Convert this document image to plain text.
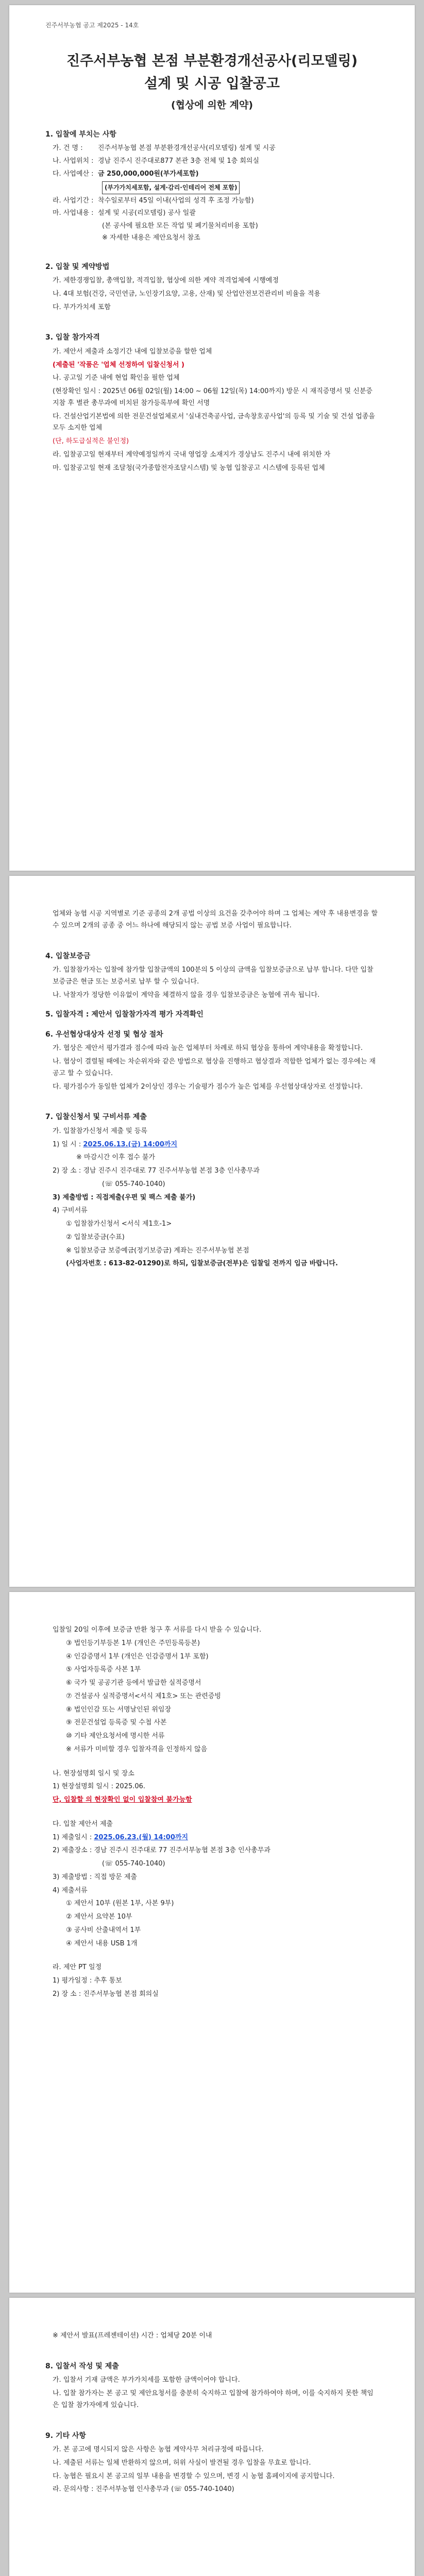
진주서부농협 공고 제2025 - 14호
진주서부농협 본점 부분환경개선공사(리모델링)
설계 및 시공 입찰공고
(협상에 의한 계약)
1. 입찰에 부치는 사항
가. 건 명 :	진주서부농협 본점 부분환경개선공사(리모델링) 설계 및 시공
나. 사업위치 : 경남 진주시 진주대로877 본관 3층 전체 및 1층 회의실
다. 사업예산 : 금 250,000,000원(부가세포함)
(부가가치세포함, 설계·감리·인테리어 전체 포함)
라. 사업기간 : 착수일로부터 45일 이내(사업의 성격 후 조정 가능함)
마. 사업내용 : 설계 및 시공(리모델링) 공사 일괄
(본 공사에 필요한 모든 작업 및 폐기물처리비용 포함)
※ 자세한 내용은 제안요청서 참조
2. 입찰 및 계약방법
가. 제한경쟁입찰, 총액입찰, 적격입찰, 협상에 의한 계약 적격업체에 시행예정
나. 4대 보험(건강, 국민연금, 노인장기요양, 고용, 산재) 및 산업안전보건관리비 비율을 적용
다. 부가가치세 포함
3. 입찰 참가자격
가. 제안서 제출과 소정기간 내에 입찰보증을 할한 업체
(제출된 '작품은 '업체 선정하여 입찰신청서 )
나. 공고일 기준 내에 현업 확인을 필한 업체
(현장확인 일시 : 2025년 06월 02일(월) 14:00 ~ 06월 12일(목) 14:00까지) 방문 시 재직증명서 및 신분증 지참 후 별관 총무과에 비치된 참가등록부에 확인 서명
다. 건설산업기본법에 의한 전문건설업체로서 '실내건축공사업, 금속창호공사업'의 등록 및 기술 및 건설 업종을 모두 소지한 업체
(단, 하도급실적은 불인정)
라. 입찰공고일 현재부터 계약예정일까지 국내 영업장 소재지가 경상남도 진주시 내에 위치한 자
마. 입찰공고일 현재 조달청(국가종합전자조달시스템) 및 농협 입찰공고 시스템에 등록된 업체
업체와 농협 시공 지역별로 기준 공종의 2개 공법 이상의 요건을 갖추어야 하며 그 업체는 계약 후 내용변경을 할 수 있으며 2개의 공종 중 어느 하나에 해당되지 않는 공법 보증 사업이 필요합니다.
4. 입찰보증금
가. 입찰참가자는 입찰에 참가할 입찰금액의 100분의 5 이상의 금액을 입찰보증금으로 납부 합니다. 다만 입찰 보증금은 현금 또는 보증서로 납부 할 수 있습니다.
나. 낙찰자가 정당한 이유없이 계약을 체결하지 않을 경우 입찰보증금은 농협에 귀속 됩니다.
5. 입찰자격 : 제안서 입찰참가자격 평가 자격확인
6. 우선협상대상자 선정 및 협상 절차
가. 협상은 제안서 평가결과 점수에 따라 높은 업체부터 차례로 하되 협상을 통하여 계약내용을 확정합니다.
나. 협상이 결렬될 때에는 차순위자와 같은 방법으로 협상을 진행하고 협상결과 적합한 업체가 없는 경우에는 재공고 할 수 있습니다.
다. 평가점수가 동일한 업체가 2이상인 경우는 기술평가 점수가 높은 업체를 우선협상대상자로 선정합니다.
7. 입찰신청서 및 구비서류 제출
가. 입찰참가신청서 제출 및 등록
1) 일 시 : 2025.06.13.(금) 14:00까지
※ 마감시간 이후 접수 불가
2) 장 소 : 경남 진주시 진주대로 77 진주서부농협 본점 3층 인사총무과
(☏ 055-740-1040)
3) 제출방법 : 직접제출(우편 및 팩스 제출 불가)
4) 구비서류
① 입찰참가신청서 <서식 제1호-1>
② 입찰보증금(수표)
※ 입찰보증금 보증예금(정기보증금) 계좌는 진주서부농협 본점
(사업자번호 : 613-82-01290)로 하되, 입찰보증금(전부)은 입찰일 전까지 입금 바랍니다.
입찰일 20일 이후에 보증금 반환 청구 후 서류를 다시 받을 수 있습니다.
③ 법인등기부등본 1부 (개인은 주민등록등본)
④ 인감증명서 1부 (개인은 인감증명서 1부 포함)
⑤ 사업자등록증 사본 1부
⑥ 국가 및 공공기관 등에서 발급한 실적증명서
⑦ 건설공사 실적증명서<서식 제1호> 또는 관련증빙
⑧ 법인인감 또는 서명날인된 위임장
⑨ 전문건설업 등록증 및 수첩 사본
⑩ 기타 제안요청서에 명시한 서류
※ 서류가 미비할 경우 입찰자격을 인정하지 않음
나. 현장설명회 일시 및 장소
1) 현장설명회 일시 : 2025.06.
단, 입찰할 의 현장확인 없이 입찰참여 불가능함
다. 입찰 제안서 제출
1) 제출일시 : 2025.06.23.(월) 14:00까지
2) 제출장소 : 경남 진주시 진주대로 77 진주서부농협 본점 3층 인사총무과
(☏ 055-740-1040)
3) 제출방법 : 직접 방문 제출
4) 제출서류
① 제안서 10부 (원본 1부, 사본 9부)
② 제안서 요약본 10부
③ 공사비 산출내역서 1부
④ 제안서 내용 USB 1개
라. 제안 PT 일정
1) 평가일정 : 추후 통보
2) 장 소 : 진주서부농협 본점 회의실
※ 제안서 발표(프레젠테이션) 시간 : 업체당 20분 이내
8. 입찰서 작성 및 제출
가. 입찰서 기재 금액은 부가가치세를 포함한 금액이어야 합니다.
나. 입찰 참가자는 본 공고 및 제안요청서를 충분히 숙지하고 입찰에 참가하여야 하며, 이를 숙지하지 못한 책임은 입찰 참가자에게 있습니다.
9. 기타 사항
가. 본 공고에 명시되지 않은 사항은 농협 계약사무 처리규정에 따릅니다.
나. 제출된 서류는 일체 반환하지 않으며, 허위 사실이 발견될 경우 입찰을 무효로 합니다.
다. 농협은 필요시 본 공고의 일부 내용을 변경할 수 있으며, 변경 시 농협 홈페이지에 공지합니다.
라. 문의사항 : 진주서부농협 인사총무과 (☏ 055-740-1040)
